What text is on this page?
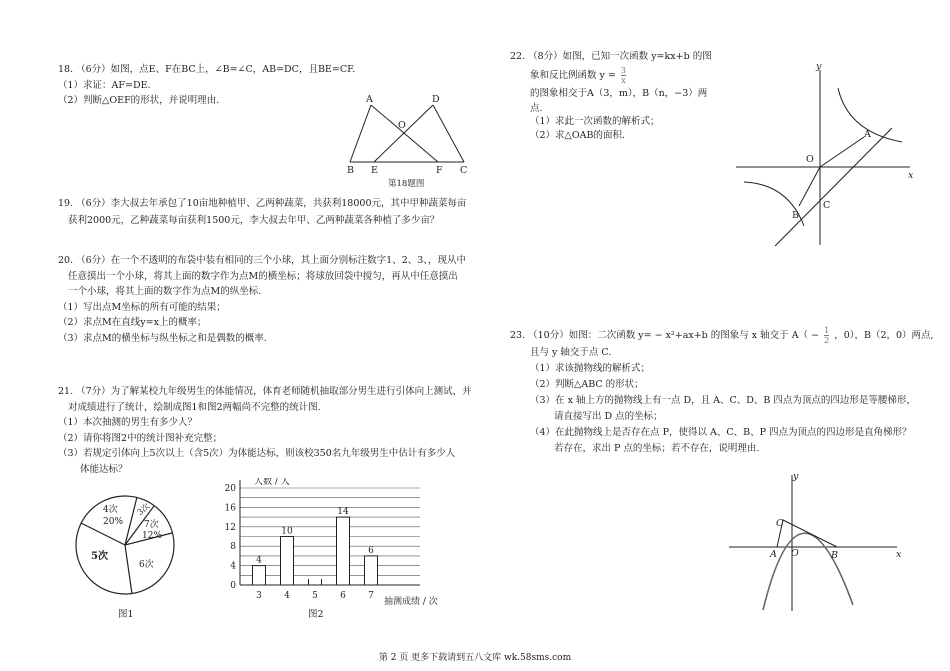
18. （6分）如图，点E、F在BC上，∠B=∠C，AB=DC，且BE=CF.
（1）求证：AF=DE.
（2）判断△OEF的形状，并说明理由.	A	D
O
B E	F C
第18题图
19. （6分）李大叔去年承包了10亩地种植甲、乙两种蔬菜，共获利18000元，其中甲种蔬菜每亩
获利2000元，乙种蔬菜每亩获利1500元，李大叔去年甲、乙两种蔬菜各种植了多少亩？
20. （6分）在一个不透明的布袋中装有相同的三个小球，其上面分别标注数字1、2、3、，现从中
任意摸出一个小球，将其上面的数字作为点M的横坐标；将球放回袋中搅匀，再从中任意摸出
一个小球，将其上面的数字作为点M的纵坐标.
（1）写出点M坐标的所有可能的结果；
（2）求点M在直线y=x上的概率；
（3）求点M的横坐标与纵坐标之和是偶数的概率.
21. （7分）为了解某校九年级男生的体能情况，体育老师随机抽取部分男生进行引体向上测试，并
对成绩进行了统计，绘制成图1和图2两幅尚不完整的统计图.
（1）本次抽测的男生有多少人？
（2）请你将图2中的统计图补充完整；
（3）若规定引体向上5次以上（含5次）为体能达标，则该校350名九年级男生中估计有多少人
体能达标？
4次
20%
3次
7次
12%
5次
6次
图1
0
4
8
12
16
20
3
4
4
10
5 6
14
7
6
人数 / 人
抽测成绩 / 次
图2
22. （8分）如图，已知一次函数 y=kx+b 的图
象和反比例函数 $y = \frac{3}{x}$
的图象相交于A（3，m），B（n，−3）两
点.
（1）求此一次函数的解析式；
（2）求△OAB的面积.
y
x
O
A
B
C
23. （10分）如图：二次函数 y= − x²+ax+b 的图象与 x 轴交于 $A( - \frac{1}{2}$ ，0），B（2，0）两点,
且与 y 轴交于点 C.
（1）求该抛物线的解析式；
（2）判断△ABC 的形状；
（3）在 x 轴上方的抛物线上有一点 D，且 A、C、D、B 四点为顶点的四边形是等腰梯形，
请直接写出 D 点的坐标；
（4）在此抛物线上是否存在点 P，使得以 A、C、B、P 四点为顶点的四边形是直角梯形？
若存在，求出 P 点的坐标；若不存在，说明理由.
y
x
O
A	B
C
第 2 页 更多下载请到五八文库 wk.58sms.com
